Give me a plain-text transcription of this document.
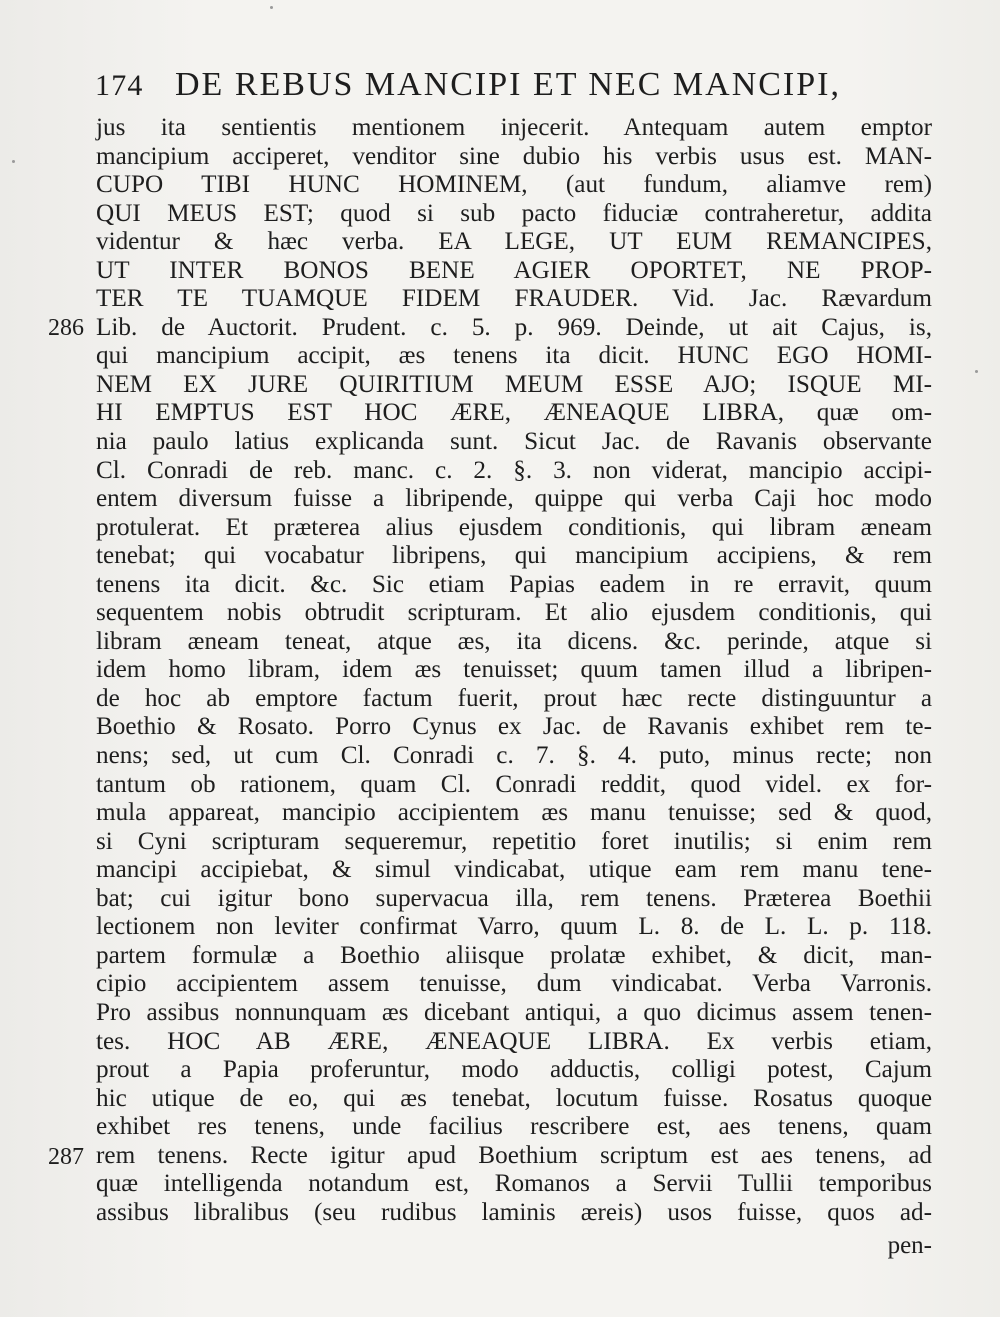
174 DE REBUS MANCIPI ET NEC MANCIPI,
jus ita sentientis mentionem injecerit. Antequam autem emptor
mancipium acciperet, venditor sine dubio his verbis usus est. MAN-
CUPO TIBI HUNC HOMINEM, (aut fundum, aliamve rem)
QUI MEUS EST; quod si sub pacto fiduciæ contraheretur, addita
videntur & hæc verba. EA LEGE, UT EUM REMANCIPES,
UT INTER BONOS BENE AGIER OPORTET, NE PROP-
TER TE TUAMQUE FIDEM FRAUDER. Vid. Jac. Rævardum
Lib. de Auctorit. Prudent. c. 5. p. 969. Deinde, ut ait Cajus, is,
qui mancipium accipit, æs tenens ita dicit. HUNC EGO HOMI-
NEM EX JURE QUIRITIUM MEUM ESSE AJO; ISQUE MI-
HI EMPTUS EST HOC ÆRE, ÆNEAQUE LIBRA, quæ om-
nia paulo latius explicanda sunt. Sicut Jac. de Ravanis observante
Cl. Conradi de reb. manc. c. 2. §. 3. non viderat, mancipio accipi-
entem diversum fuisse a libripende, quippe qui verba Caji hoc modo
protulerat. Et præterea alius ejusdem conditionis, qui libram æneam
tenebat; qui vocabatur libripens, qui mancipium accipiens, & rem
tenens ita dicit. &c. Sic etiam Papias eadem in re erravit, quum
sequentem nobis obtrudit scripturam. Et alio ejusdem conditionis, qui
libram æneam teneat, atque æs, ita dicens. &c. perinde, atque si
idem homo libram, idem æs tenuisset; quum tamen illud a libripen-
de hoc ab emptore factum fuerit, prout hæc recte distinguuntur a
Boethio & Rosato. Porro Cynus ex Jac. de Ravanis exhibet rem te-
nens; sed, ut cum Cl. Conradi c. 7. §. 4. puto, minus recte; non
tantum ob rationem, quam Cl. Conradi reddit, quod videl. ex for-
mula appareat, mancipio accipientem æs manu tenuisse; sed & quod,
si Cyni scripturam sequeremur, repetitio foret inutilis; si enim rem
mancipi accipiebat, & simul vindicabat, utique eam rem manu tene-
bat; cui igitur bono supervacua illa, rem tenens. Præterea Boethii
lectionem non leviter confirmat Varro, quum L. 8. de L. L. p. 118.
partem formulæ a Boethio aliisque prolatæ exhibet, & dicit, man-
cipio accipientem assem tenuisse, dum vindicabat. Verba Varronis.
Pro assibus nonnunquam æs dicebant antiqui, a quo dicimus assem tenen-
tes. HOC AB ÆRE, ÆNEAQUE LIBRA. Ex verbis etiam,
prout a Papia proferuntur, modo adductis, colligi potest, Cajum
hic utique de eo, qui æs tenebat, locutum fuisse. Rosatus quoque
exhibet res tenens, unde facilius rescribere est, aes tenens, quam
rem tenens. Recte igitur apud Boethium scriptum est aes tenens, ad
quæ intelligenda notandum est, Romanos a Servii Tullii temporibus
assibus libralibus (seu rudibus laminis æreis) usos fuisse, quos ad-
286
287
pen-
